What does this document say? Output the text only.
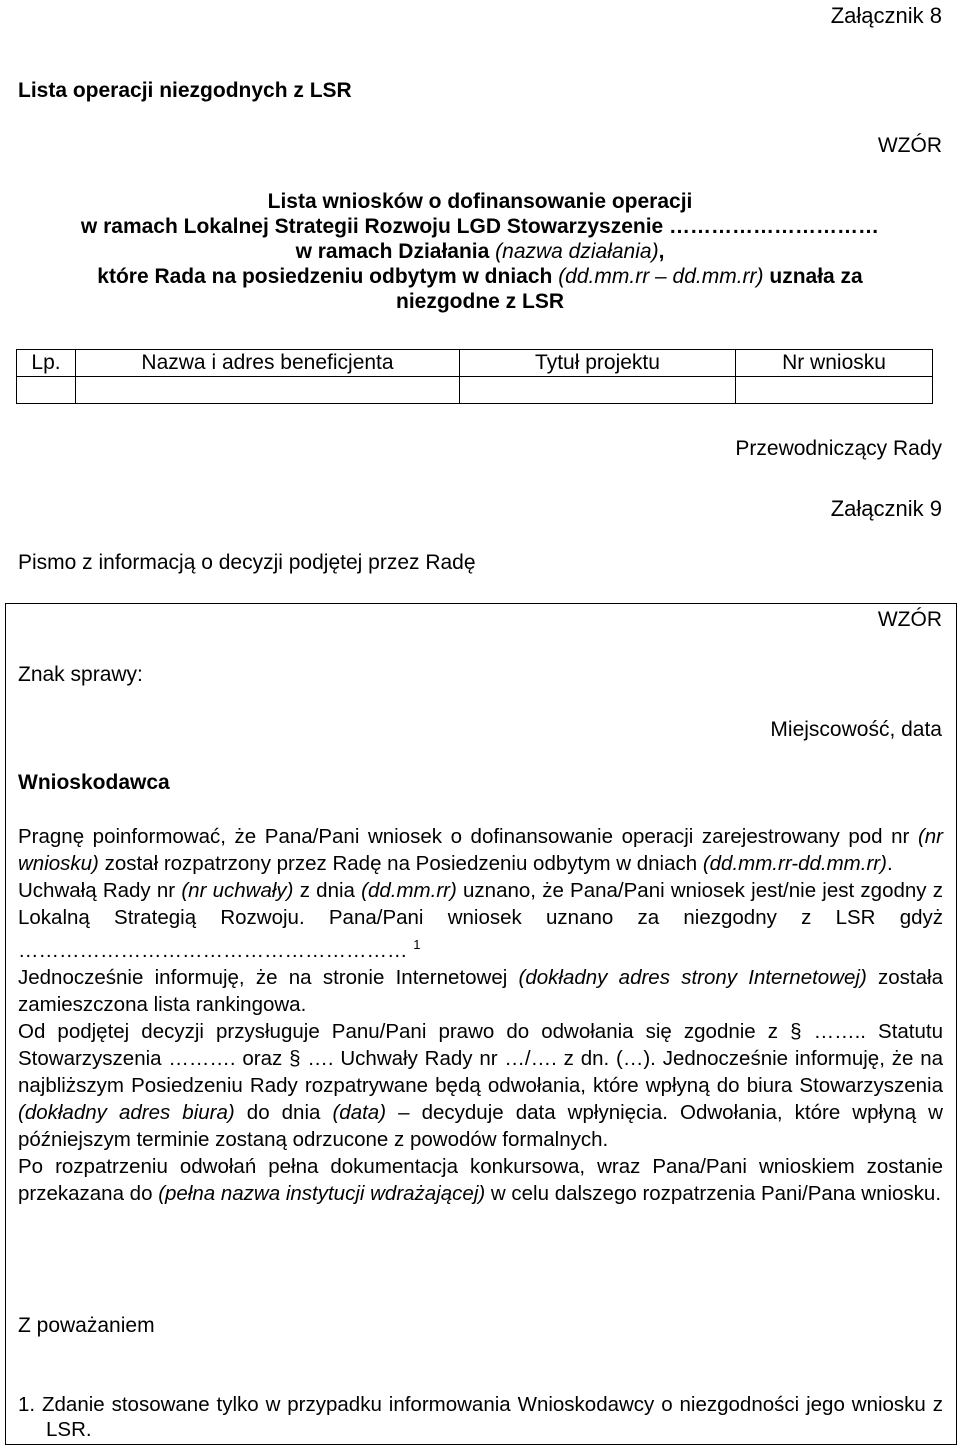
Załącznik 8
Lista operacji niezgodnych z LSR
WZÓR
Lista wniosków o dofinansowanie operacji
w ramach Lokalnej Strategii Rozwoju LGD Stowarzyszenie …………………………
w ramach Działania (nazwa działania),
które Rada na posiedzeniu odbytym w dniach (dd.mm.rr – dd.mm.rr) uznała za
niezgodne z LSR
Lp.	Nazwa i adres beneficjenta	Tytuł projektu	Nr wniosku

Przewodniczący Rady
Załącznik 9
Pismo z informacją o decyzji podjętej przez Radę
WZÓR
Znak sprawy:
Miejscowość, data
Wnioskodawca

Pragnę poinformować, że Pana/Pani wniosek o dofinansowanie operacji zarejestrowany pod nr (nr wniosku) został rozpatrzony przez Radę na Posiedzeniu odbytym w dniach (dd.mm.rr-dd.mm.rr).

Uchwałą Rady nr (nr uchwały) z dnia (dd.mm.rr) uznano, że Pana/Pani wniosek jest/nie jest zgodny z Lokalną Strategią Rozwoju. Pana/Pani wniosek uznano za niezgodny z LSR gdyż ………………………………………………… $^1$

Jednocześnie informuję, że na stronie Internetowej (dokładny adres strony Internetowej) została zamieszczona lista rankingowa.

Od podjętej decyzji przysługuje Panu/Pani prawo do odwołania się zgodnie z § …….. Statutu Stowarzyszenia ………. oraz § …. Uchwały Rady nr …/…. z dn. (…). Jednocześnie informuję, że na najbliższym Posiedzeniu Rady rozpatrywane będą odwołania, które wpłyną do biura Stowarzyszenia (dokładny adres biura) do dnia (data) – decyduje data wpłynięcia. Odwołania, które wpłyną w późniejszym terminie zostaną odrzucone z powodów formalnych.

Po rozpatrzeniu odwołań pełna dokumentacja konkursowa, wraz Pana/Pani wnioskiem zostanie przekazana do (pełna nazwa instytucji wdrażającej) w celu dalszego rozpatrzenia Pani/Pana wniosku.

Z poważaniem
1. Zdanie stosowane tylko w przypadku informowania Wnioskodawcy o niezgodności jego wniosku z LSR.
